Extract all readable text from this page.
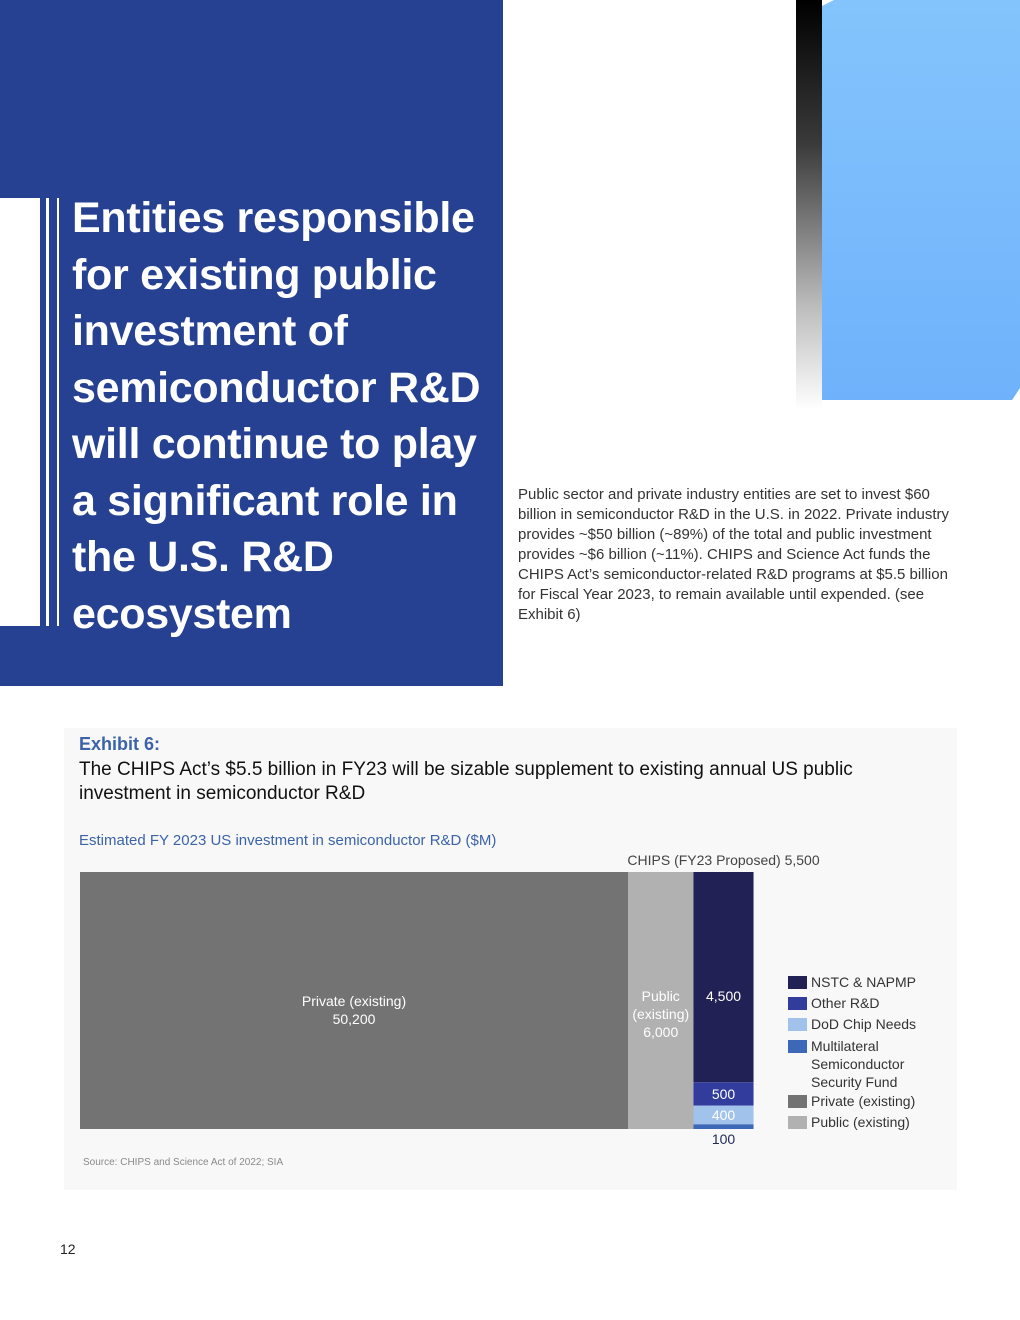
Entities responsible for existing public investment of semiconductor R&D will continue to play a significant role in the U.S. R&D ecosystem

Public sector and private industry entities are set to invest $60 billion in semiconductor R&D in the U.S. in 2022. Private industry provides ~$50 billion (~89%) of the total and public investment provides ~$6 billion (~11%). CHIPS and Science Act funds the CHIPS Act’s semiconductor-related R&D programs at $5.5 billion for Fiscal Year 2023, to remain available until expended. (see Exhibit 6)

Exhibit 6:

The CHIPS Act’s $5.5 billion in FY23 will be sizable supplement to existing annual US public investment in semiconductor R&D

Estimated FY 2023 US investment in semiconductor R&D ($M)
Private (existing)
50,200
Public
(existing)
6,000
4,500
500
400
100
CHIPS (FY23 Proposed) 5,500
NSTC & NAPMP
Other R&D
DoD Chip Needs
Multilateral
Semiconductor
Security Fund
Private (existing)
Public (existing)
Source: CHIPS and Science Act of 2022; SIA
12
